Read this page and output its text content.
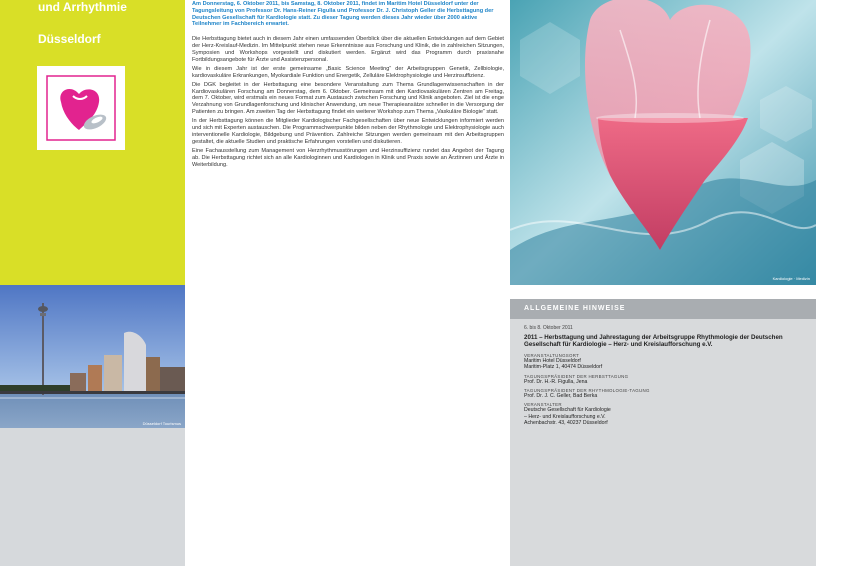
und Arrhythmie
Düsseldorf
Düsseldorf Tourismus

Am Donnerstag, 6. Oktober 2011, bis Samstag, 8. Oktober 2011, findet im Maritim Hotel Düsseldorf unter der Tagungsleitung von Professor Dr. Hans-Reiner Figulla und Professor Dr. J. Christoph Geller die Herbsttagung der Deutschen Gesellschaft für Kardiologie statt. Zu dieser Tagung werden dieses Jahr wieder über 2000 aktive Teilnehmer im Fachbereich erwartet.

Die Herbsttagung bietet auch in diesem Jahr einen umfassenden Überblick über die aktuellen Entwicklungen auf dem Gebiet der Herz-Kreislauf-Medizin. Im Mittelpunkt stehen neue Erkenntnisse aus Forschung und Klinik, die in zahlreichen Sitzungen, Symposien und Workshops vorgestellt und diskutiert werden. Ergänzt wird das Programm durch praxisnahe Fortbildungsangebote für Ärzte und Assistenzpersonal.

Wie in diesem Jahr ist der erste gemeinsame „Basic Science Meeting“ der Arbeitsgruppen Genetik, Zellbiologie, kardiovaskuläre Erkrankungen, Myokardiale Funktion und Energetik, Zelluläre Elektrophysiologie und Herzinsuffizienz.

Die DGK begleitet in der Herbsttagung eine besondere Veranstaltung zum Thema Grundlagenwissenschaften in der Kardiovaskulären Forschung am Donnerstag, dem 6. Oktober. Gemeinsam mit den Kardiovaskulären Zentren am Freitag, dem 7. Oktober, wird erstmals ein neues Format zum Austausch zwischen Forschung und Klinik angeboten. Ziel ist die enge Verzahnung von Grundlagenforschung und klinischer Anwendung, um neue Therapieansätze schneller in die Versorgung der Patienten zu bringen. Am zweiten Tag der Herbsttagung findet ein weiterer Workshop zum Thema „Vaskuläre Biologie“ statt.

In der Herbsttagung können die Mitglieder Kardiologischer Fachgesellschaften über neue Entwicklungen informiert werden und sich mit Experten austauschen. Die Programmschwerpunkte bilden neben der Rhythmologie und Elektrophysiologie auch interventionelle Kardiologie, Bildgebung und Prävention. Zahlreiche Sitzungen werden gemeinsam mit den Arbeitsgruppen gestaltet, die aktuelle Studien und praktische Erfahrungen vorstellen und diskutieren.

Eine Fachausstellung zum Management von Herzrhythmusstörungen und Herzinsuffizienz rundet das Angebot der Tagung ab. Die Herbsttagung richtet sich an alle Kardiologinnen und Kardiologen in Klinik und Praxis sowie an Ärztinnen und Ärzte in Weiterbildung.

Kardiologie · Medizin
ALLGEMEINE HINWEISE
6. bis 8. Oktober 2011
2011 – Herbsttagung und Jahrestagung der Arbeitsgruppe Rhythmologie der Deutschen Gesellschaft für Kardiologie – Herz- und Kreislaufforschung e.V.
VERANSTALTUNGSORT
Maritim Hotel Düsseldorf
Maritim-Platz 1, 40474 Düsseldorf
TAGUNGSPRÄSIDENT DER HERBSTTAGUNG
Prof. Dr. H.-R. Figulla, Jena
TAGUNGSPRÄSIDENT DER RHYTHMOLOGIE-TAGUNG
Prof. Dr. J. C. Geller, Bad Berka
VERANSTALTER
Deutsche Gesellschaft für Kardiologie
– Herz- und Kreislaufforschung e.V.
Achenbachstr. 43, 40237 Düsseldorf
